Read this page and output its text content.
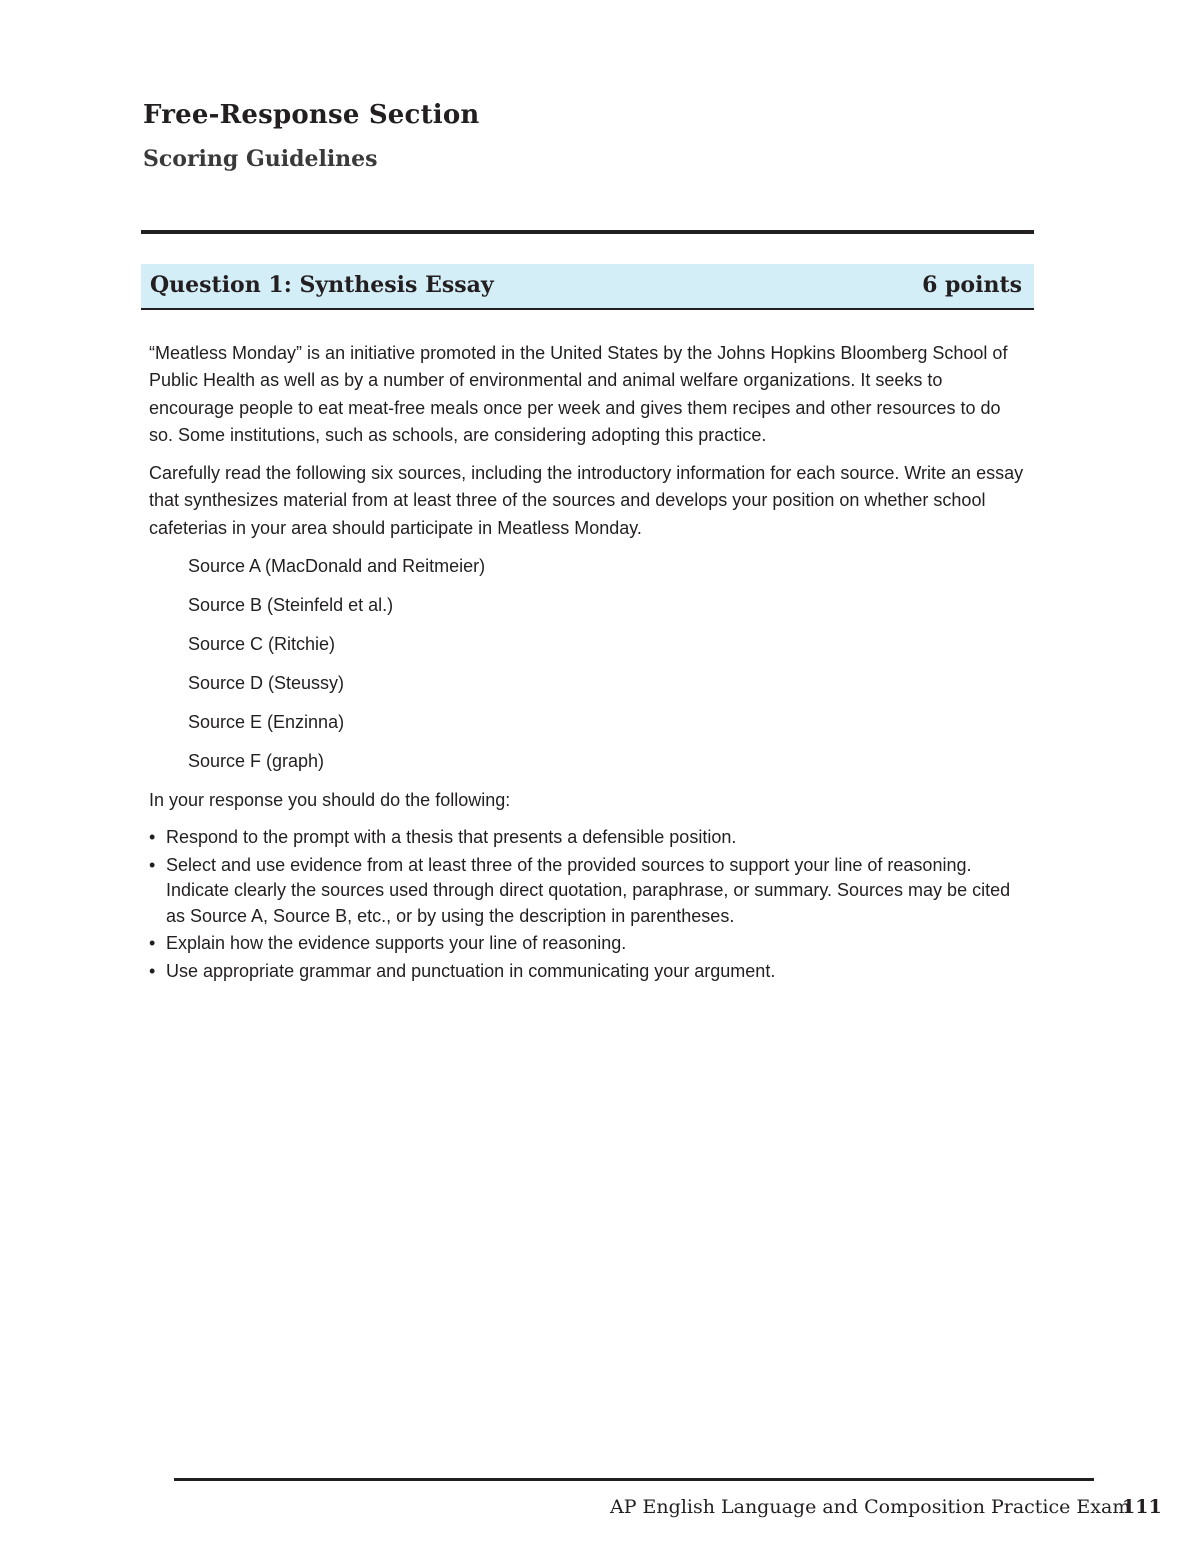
Free-Response Section
Scoring Guidelines
Question 1: Synthesis Essay	6 points

“Meatless Monday” is an initiative promoted in the United States by the Johns Hopkins Bloomberg School of Public Health as well as by a number of environmental and animal welfare organizations. It seeks to encourage people to eat meat-free meals once per week and gives them recipes and other resources to do so. Some institutions, such as schools, are considering adopting this practice.

Carefully read the following six sources, including the introductory information for each source. Write an essay that synthesizes material from at least three of the sources and develops your position on whether school cafeterias in your area should participate in Meatless Monday.

Source A (MacDonald and Reitmeier)
Source B (Steinfeld et al.)
Source C (Ritchie)
Source D (Steussy)
Source E (Enzinna)
Source F (graph)

In your response you should do the following:

• Respond to the prompt with a thesis that presents a defensible position.
• Select and use evidence from at least three of the provided sources to support your line of reasoning. Indicate clearly the sources used through direct quotation, paraphrase, or summary. Sources may be cited as Source A, Source B, etc., or by using the description in parentheses.
• Explain how the evidence supports your line of reasoning.
• Use appropriate grammar and punctuation in communicating your argument.
AP English Language and Composition Practice Exam
111
